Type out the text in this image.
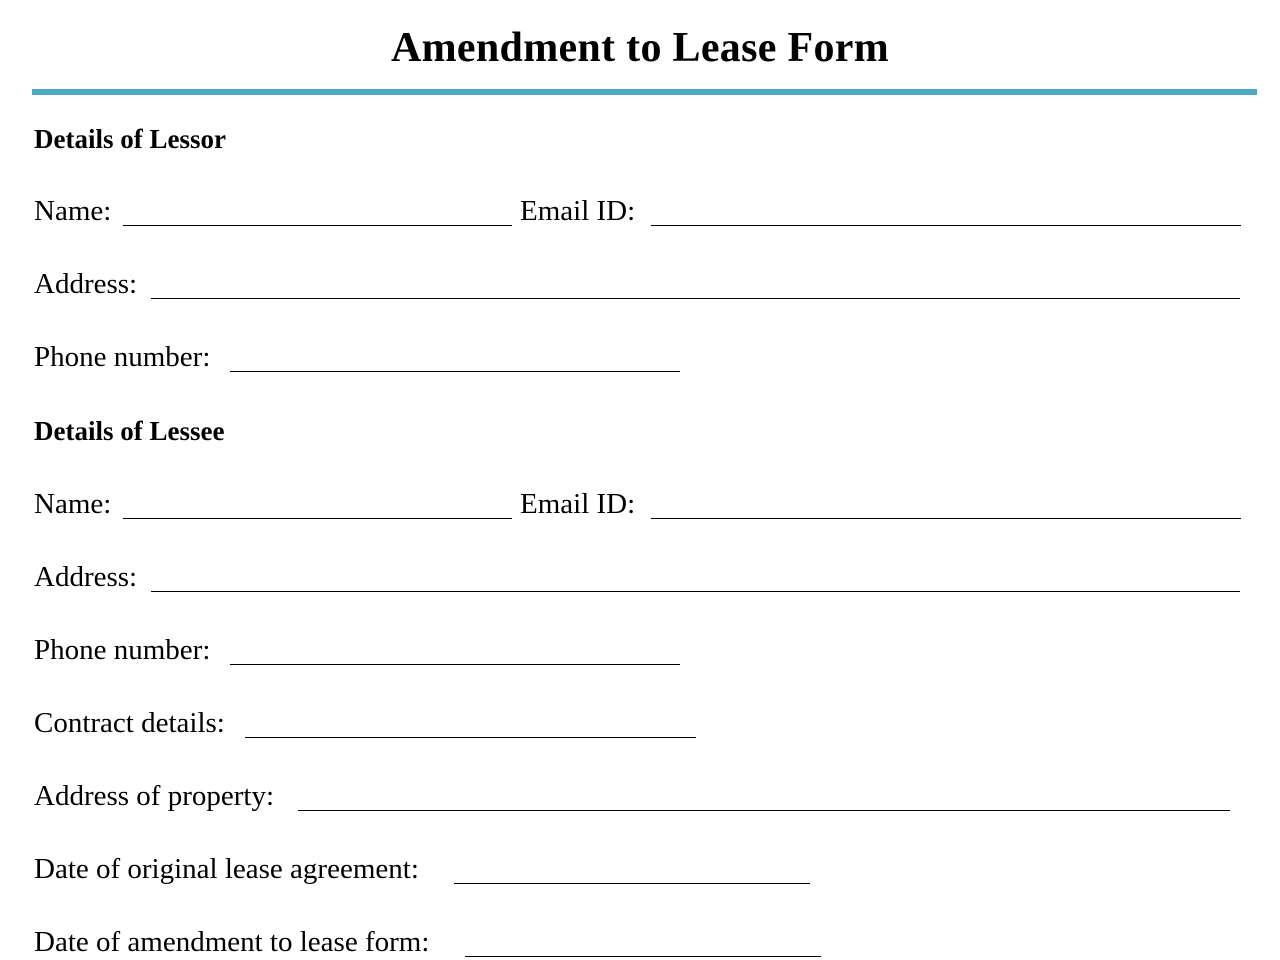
Amendment to Lease Form
Details of Lessor
Name:	Email ID:
Address:
Phone number:
Details of Lessee
Name:	Email ID:
Address:
Phone number:
Contract details:
Address of property:
Date of original lease agreement:
Date of amendment to lease form:
